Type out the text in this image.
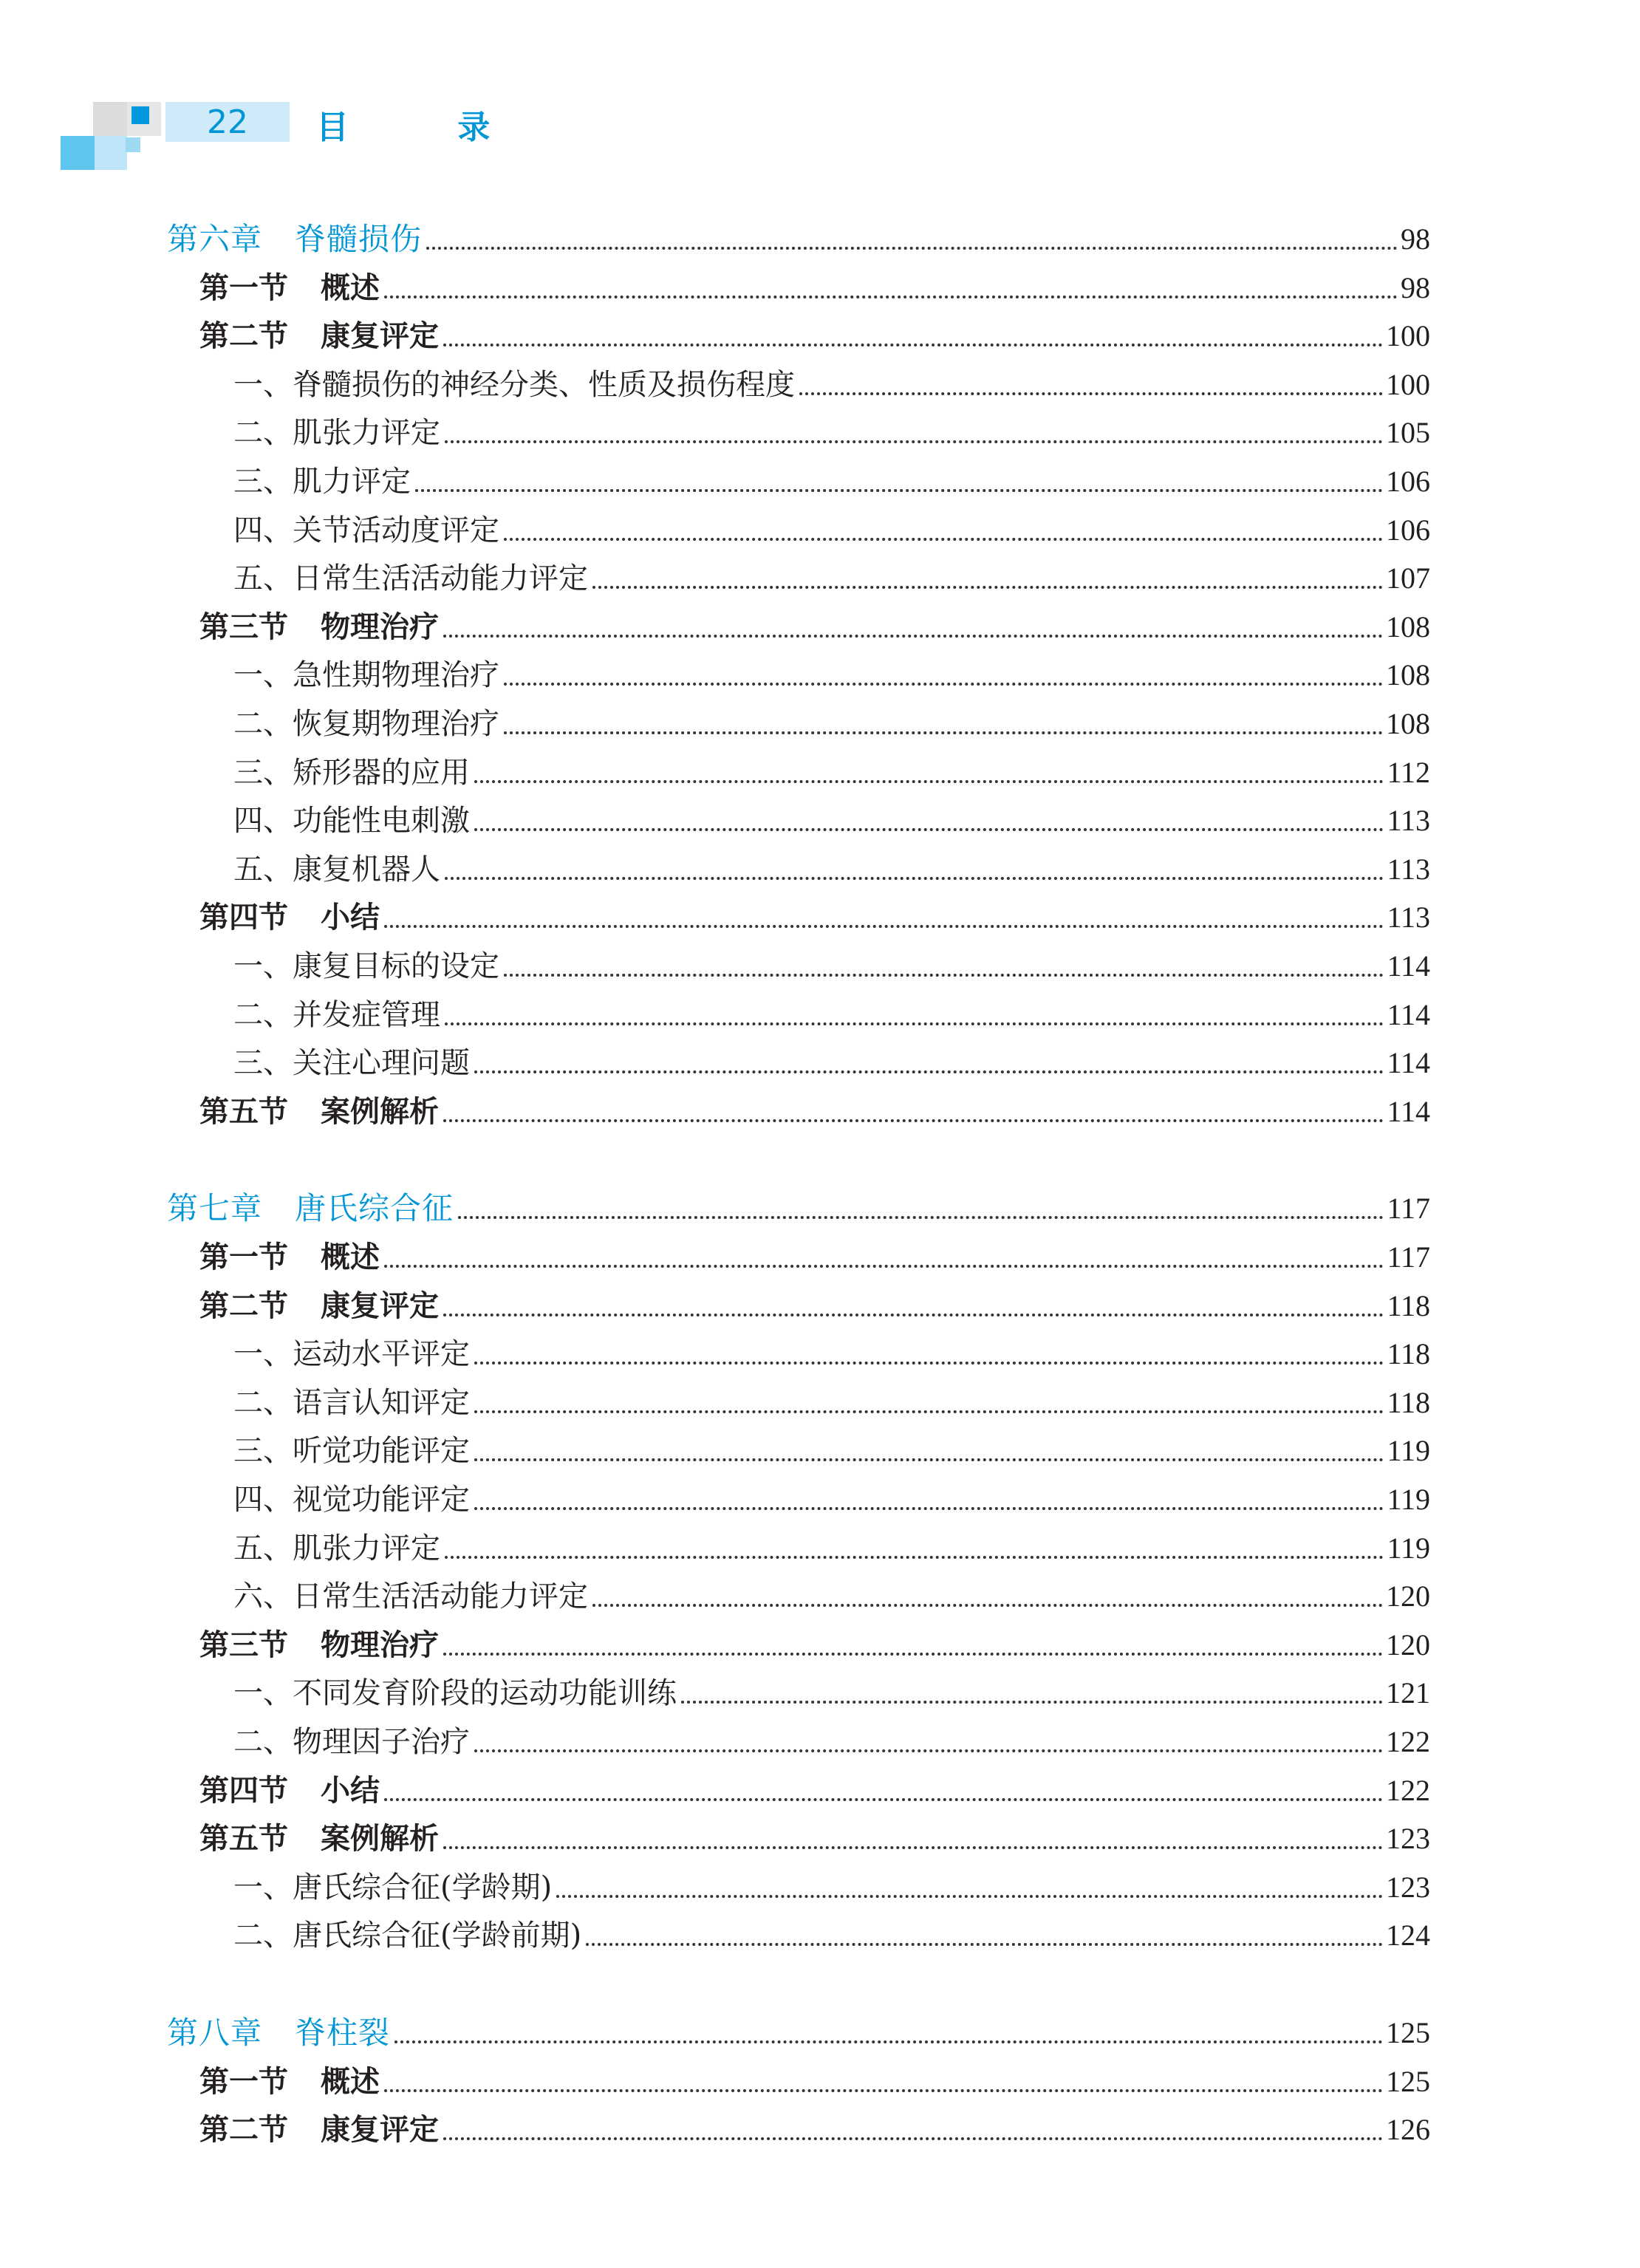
22	目 录
第六章 脊髓损伤	98
第一节 概述	98
第二节 康复评定	100
一、脊髓损伤的神经分类、性质及损伤程度	100
二、肌张力评定	105
三、肌力评定	106
四、关节活动度评定	106
五、日常生活活动能力评定	107
第三节 物理治疗	108
一、急性期物理治疗	108
二、恢复期物理治疗	108
三、矫形器的应用	112
四、功能性电刺激	113
五、康复机器人	113
第四节 小结	113
一、康复目标的设定	114
二、并发症管理	114
三、关注心理问题	114
第五节 案例解析	114
第七章 唐氏综合征	117
第一节 概述	117
第二节 康复评定	118
一、运动水平评定	118
二、语言认知评定	118
三、听觉功能评定	119
四、视觉功能评定	119
五、肌张力评定	119
六、日常生活活动能力评定	120
第三节 物理治疗	120
一、不同发育阶段的运动功能训练	121
二、物理因子治疗	122
第四节 小结	122
第五节 案例解析	123
一、唐氏综合征(学龄期)	123
二、唐氏综合征(学龄前期)	124
第八章 脊柱裂	125
第一节 概述	125
第二节 康复评定	126
